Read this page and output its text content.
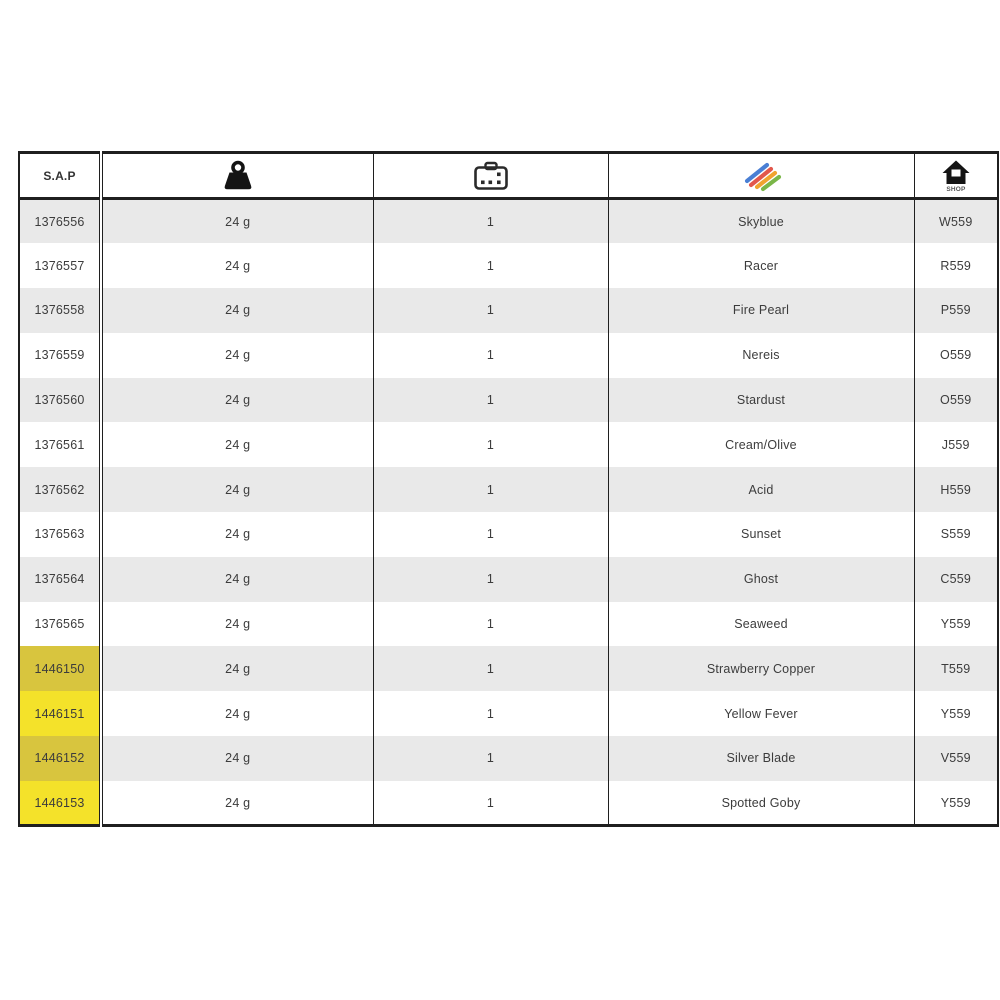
S.A.P				SHOP

1376556	24 g	1	Skyblue	W559
1376557	24 g	1	Racer	R559
1376558	24 g	1	Fire Pearl	P559
1376559	24 g	1	Nereis	O559
1376560	24 g	1	Stardust	O559
1376561	24 g	1	Cream/Olive	J559
1376562	24 g	1	Acid	H559
1376563	24 g	1	Sunset	S559
1376564	24 g	1	Ghost	C559
1376565	24 g	1	Seaweed	Y559
1446150	24 g	1	Strawberry Copper	T559
1446151	24 g	1	Yellow Fever	Y559
1446152	24 g	1	Silver Blade	V559
1446153	24 g	1	Spotted Goby	Y559
